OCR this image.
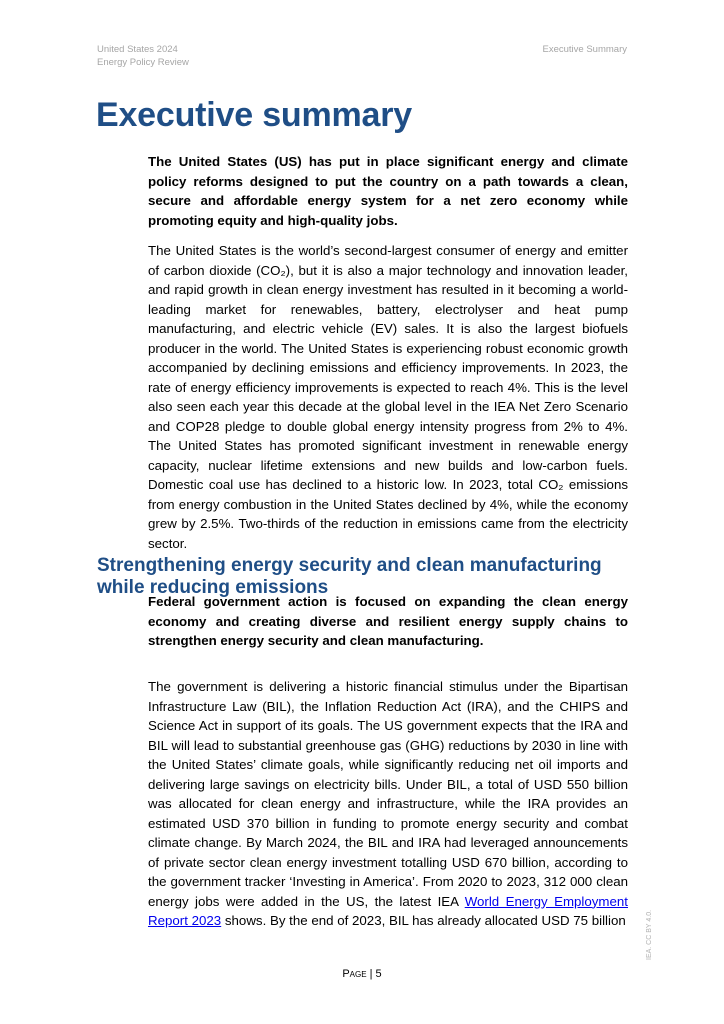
United States 2024
Energy Policy Review
Executive Summary
Executive summary

The United States (US) has put in place significant energy and climate policy reforms designed to put the country on a path towards a clean, secure and affordable energy system for a net zero economy while promoting equity and high-quality jobs.

The United States is the world’s second-largest consumer of energy and emitter of carbon dioxide (CO₂), but it is also a major technology and innovation leader, and rapid growth in clean energy investment has resulted in it becoming a world-leading market for renewables, battery, electrolyser and heat pump manufacturing, and electric vehicle (EV) sales. It is also the largest biofuels producer in the world. The United States is experiencing robust economic growth accompanied by declining emissions and efficiency improvements. In 2023, the rate of energy efficiency improvements is expected to reach 4%. This is the level also seen each year this decade at the global level in the IEA Net Zero Scenario and COP28 pledge to double global energy intensity progress from 2% to 4%. The United States has promoted significant investment in renewable energy capacity, nuclear lifetime extensions and new builds and low-carbon fuels. Domestic coal use has declined to a historic low. In 2023, total CO₂ emissions from energy combustion in the United States declined by 4%, while the economy grew by 2.5%. Two-thirds of the reduction in emissions came from the electricity sector.

Strengthening energy security and clean manufacturing while reducing emissions

Federal government action is focused on expanding the clean energy economy and creating diverse and resilient energy supply chains to strengthen energy security and clean manufacturing.

The government is delivering a historic financial stimulus under the Bipartisan Infrastructure Law (BIL), the Inflation Reduction Act (IRA), and the CHIPS and Science Act in support of its goals. The US government expects that the IRA and BIL will lead to substantial greenhouse gas (GHG) reductions by 2030 in line with the United States’ climate goals, while significantly reducing net oil imports and delivering large savings on electricity bills. Under BIL, a total of USD 550 billion was allocated for clean energy and infrastructure, while the IRA provides an estimated USD 370 billion in funding to promote energy security and combat climate change. By March 2024, the BIL and IRA had leveraged announcements of private sector clean energy investment totalling USD 670 billion, according to the government tracker ‘Investing in America’. From 2020 to 2023, 312 000 clean energy jobs were added in the US, the latest IEA World Energy Employment Report 2023 shows. By the end of 2023, BIL has already allocated USD 75 billion

Page | 5
IEA. CC BY 4.0.
